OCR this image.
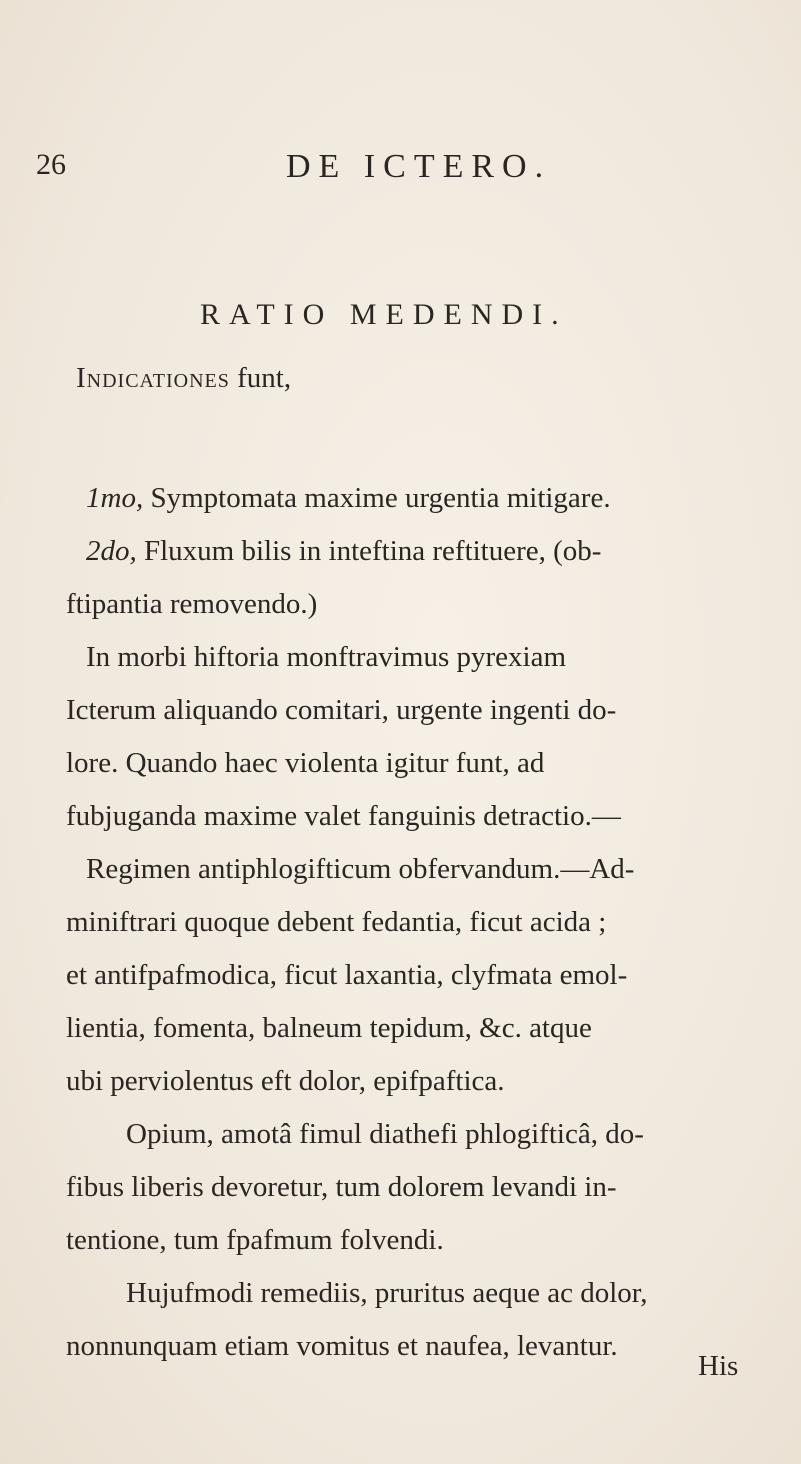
26	DE ICTERO.
RATIO MEDENDI.
Indicationes funt,
1mo, Symptomata maxime urgentia mitigare.
2do, Fluxum bilis in inteftina reftituere, (ob-
ftipantia removendo.)
In morbi hiftoria monftravimus pyrexiam
Icterum aliquando comitari, urgente ingenti do-
lore. Quando haec violenta igitur funt, ad
fubjuganda maxime valet fanguinis detractio.—
Regimen antiphlogifticum obfervandum.—Ad-
miniftrari quoque debent fedantia, ficut acida ;
et antifpafmodica, ficut laxantia, clyfmata emol-
lientia, fomenta, balneum tepidum, &c. atque
ubi perviolentus eft dolor, epifpaftica.
Opium, amotâ fimul diathefi phlogifticâ, do-
fibus liberis devoretur, tum dolorem levandi in-
tentione, tum fpafmum folvendi.
Hujufmodi remediis, pruritus aeque ac dolor,
nonnunquam etiam vomitus et naufea, levantur.
His
